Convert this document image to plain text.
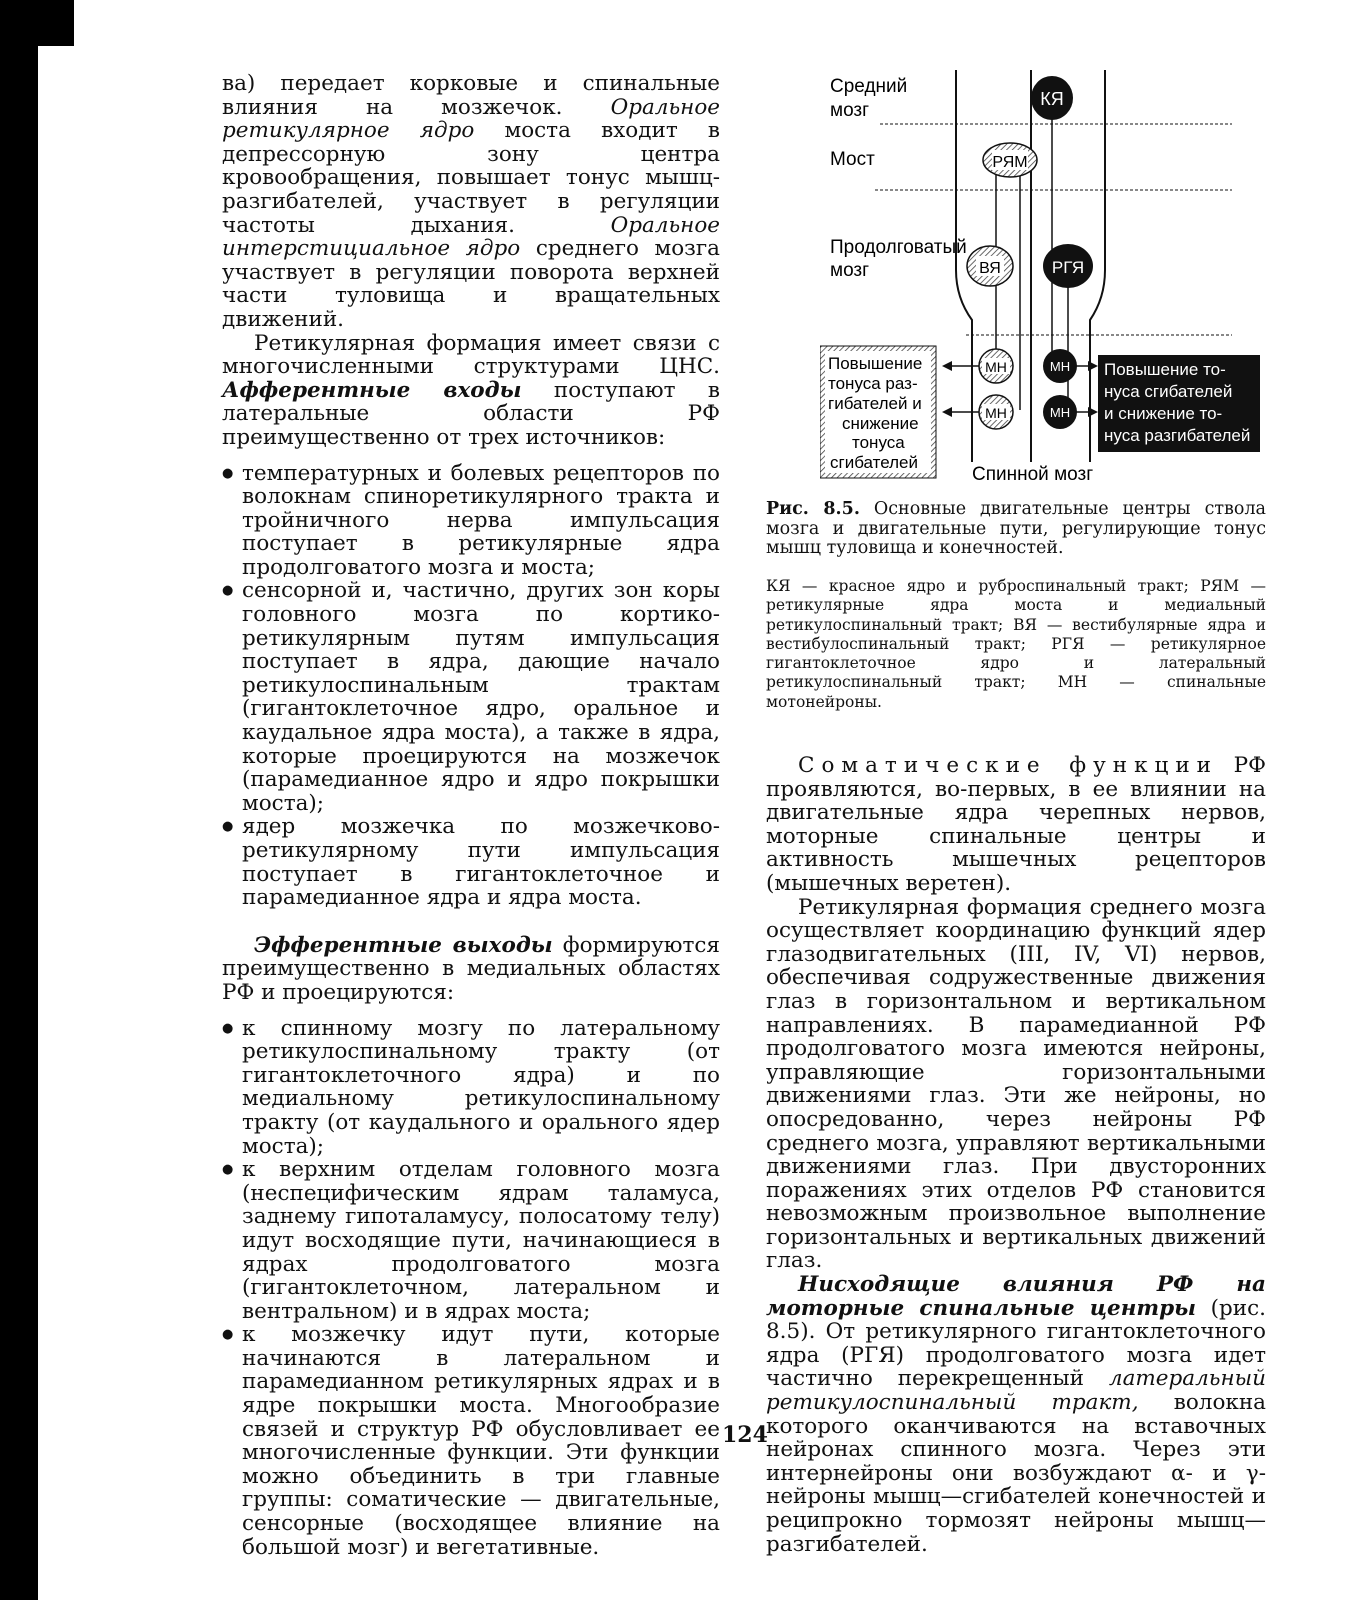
ва) передает корковые и спинальные влияния на мозжечок. Оральное ретикулярное ядро моста входит в депрессорную зону центра кровообращения, повышает тонус мышц-разгибателей, участвует в регуляции частоты дыхания. Оральное интерстициальное ядро среднего мозга участвует в регуляции поворота верхней части туловища и вращательных движений.

Ретикулярная формация имеет связи с многочисленными структурами ЦНС. Афферентные входы поступают в латеральные области РФ преимущественно от трех источников:

● температурных и болевых рецепторов по волокнам спиноретикулярного тракта и тройничного нерва импульсация поступает в ретикулярные ядра продолговатого мозга и моста;
● сенсорной и, частично, других зон коры головного мозга по кортико-ретикулярным путям импульсация поступает в ядра, дающие начало ретикулоспинальным трактам (гигантоклеточное ядро, оральное и каудальное ядра моста), а также в ядра, которые проецируются на мозжечок (парамедианное ядро и ядро покрышки моста);
● ядер мозжечка по мозжечково-ретикулярному пути импульсация поступает в гигантоклеточное и парамедианное ядра и ядра моста.

Эфферентные выходы формируются преимущественно в медиальных областях РФ и проецируются:

● к спинному мозгу по латеральному ретикулоспинальному тракту (от гигантоклеточного ядра) и по медиальному ретикулоспинальному тракту (от каудального и орального ядер моста);
● к верхним отделам головного мозга (неспецифическим ядрам таламуса, заднему гипоталамусу, полосатому телу) идут восходящие пути, начинающиеся в ядрах продолговатого мозга (гигантоклеточном, латеральном и вентральном) и в ядрах моста;
● к мозжечку идут пути, которые начинаются в латеральном и парамедианном ретикулярных ядрах и в ядре покрышки моста. Многообразие связей и структур РФ обусловливает ее многочисленные функции. Эти функции можно объединить в три главные группы: соматические — двигательные, сенсорные (восходящее влияние на большой мозг) и вегетативные.
Средний
мозг
Мост
Продолговатый
мозг
КЯ
РЯМ
ВЯ	РГЯ
МН
МН
МН
МН
Повышение
тонуса раз-
гибателей и
снижение
тонуса
сгибателей
Повышение то-
нуса сгибателей
и снижение то-
нуса разгибателей
Спинной мозг
Рис. 8.5. Основные двигательные центры ствола мозга и двигательные пути, регулирующие тонус мышц туловища и конечностей.
КЯ — красное ядро и руброспинальный тракт; РЯМ — ретикулярные ядра моста и медиальный ретикулоспинальный тракт; ВЯ — вестибулярные ядра и вестибулоспинальный тракт; РГЯ — ретикулярное гигантоклеточное ядро и латеральный ретикулоспинальный тракт; МН — спинальные мотонейроны.

Соматические функции РФ проявляются, во-первых, в ее влиянии на двигательные ядра черепных нервов, моторные спинальные центры и активность мышечных рецепторов (мышечных веретен).

Ретикулярная формация среднего мозга осуществляет координацию функций ядер глазодвигательных (III, IV, VI) нервов, обеспечивая содружественные движения глаз в горизонтальном и вертикальном направлениях. В парамедианной РФ продолговатого мозга имеются нейроны, управляющие горизонтальными движениями глаз. Эти же нейроны, но опосредованно, через нейроны РФ среднего мозга, управляют вертикальными движениями глаз. При двусторонних поражениях этих отделов РФ становится невозможным произвольное выполнение горизонтальных и вертикальных движений глаз.

Нисходящие влияния РФ на моторные спинальные центры (рис. 8.5). От ретикулярного гигантоклеточного ядра (РГЯ) продолговатого мозга идет частично перекрещенный латеральный ретикулоспинальный тракт, волокна которого оканчиваются на вставочных нейронах спинного мозга. Через эти интернейроны они возбуждают α- и γ-нейроны мышц—сгибателей конечностей и реципрокно тормозят нейроны мышц—разгибателей.

124
